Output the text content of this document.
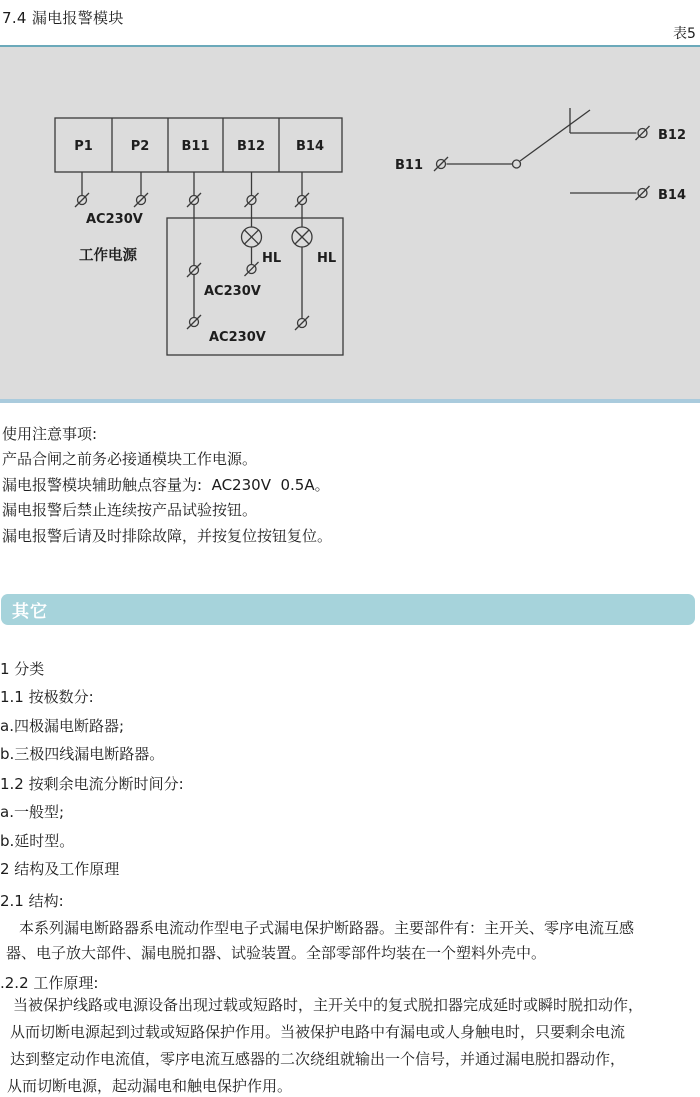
7.4 漏电报警模块
表5
P1	P2 B11 B12 B14
AC230V
工作电源
AC230V
AC230V
HL	HL
B11
B12
B14
使用注意事项:
产品合闸之前务必接通模块工作电源。
漏电报警模块辅助触点容量为:  AC230V  0.5A。
漏电报警后禁止连续按产品试验按钮。
漏电报警后请及时排除故障，并按复位按钮复位。
其它
1 分类
1.1 按极数分:
a.四极漏电断路器;
b.三极四线漏电断路器。
1.2 按剩余电流分断时间分:
a.一般型;
b.延时型。
2 结构及工作原理
2.1 结构:
本系列漏电断路器系电流动作型电子式漏电保护断路器。主要部件有：主开关、零序电流互感
器、电子放大部件、漏电脱扣器、试验装置。全部零部件均装在一个塑料外壳中。
.2.2 工作原理:
当被保护线路或电源设备出现过载或短路时，主开关中的复式脱扣器完成延时或瞬时脱扣动作，
从而切断电源起到过载或短路保护作用。当被保护电路中有漏电或人身触电时，只要剩余电流
达到整定动作电流值，零序电流互感器的二次绕组就输出一个信号，并通过漏电脱扣器动作，
从而切断电源，起动漏电和触电保护作用。
